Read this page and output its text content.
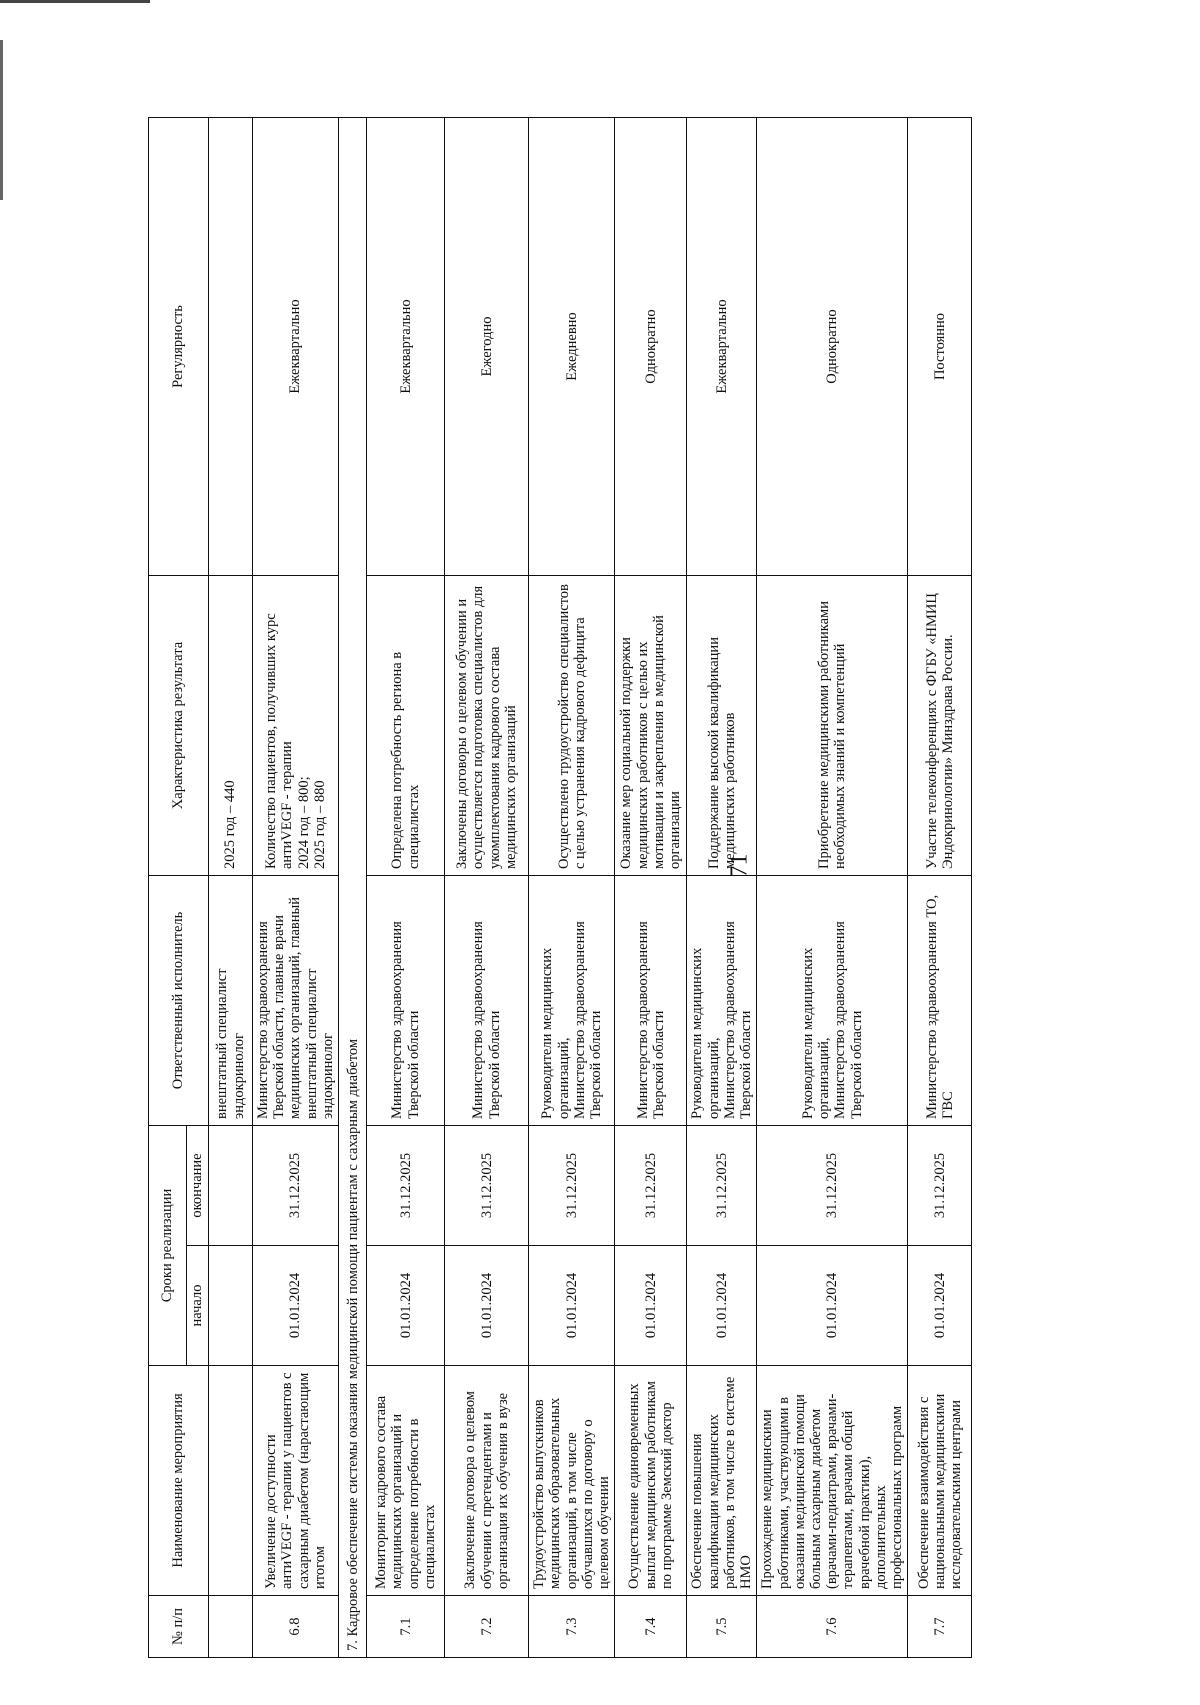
71
№ п/п	Наименование мероприятия	Сроки реализации		Ответственный исполнитель	Характеристика результата	Регулярность
		начало	окончание			
				внештатный специалист эндокринолог	2025 год – 440	
6.8	Увеличение доступности антиVEGF - терапии у пациентов с сахарным диабетом (нарастающим итогом	01.01.2024	31.12.2025	Министерство здравоохранения Тверской области, главные врачи медицинских организаций, главный внештатный специалист эндокринолог	Количество пациентов, получивших курс антиVEGF - терапии
2024 год – 800;
2025 год – 880	Ежеквартально
7. Кадровое обеспечение системы оказания медицинской помощи пациентам с сахарным диабетом						
7.1	Мониторинг кадрового состава медицинских организаций и определение потребности в специалистах	01.01.2024	31.12.2025	Министерство здравоохранения Тверской области	Определена потребность региона в специалистах	Ежеквартально
7.2	Заключение договора о целевом обучении с претендентами и организация их обучения в вузе	01.01.2024	31.12.2025	Министерство здравоохранения Тверской области	Заключены договоры о целевом обучении и осуществляется подготовка специалистов для укомплектования кадрового состава медицинских организаций	Ежегодно
7.3	Трудоустройство выпускников медицинских образовательных организаций, в том числе обучавшихся по договору о целевом обучении	01.01.2024	31.12.2025	Руководители медицинских организаций,
Министерство здравоохранения Тверской области	Осуществлено трудоустройство специалистов с целью устранения кадрового дефицита	Ежедневно
7.4	Осуществление единовременных выплат медицинским работникам по программе Земский доктор	01.01.2024	31.12.2025	Министерство здравоохранения Тверской области	Оказание мер социальной поддержки медицинских работников с целью их мотивации и закрепления в медицинской организации	Однократно
7.5	Обеспечение повышения квалификации медицинских работников, в том числе в системе НМО	01.01.2024	31.12.2025	Руководители медицинских организаций,
Министерство здравоохранения Тверской области	Поддержание высокой квалификации медицинских работников	Ежеквартально
7.6	Прохождение медицинскими работниками, участвующими в оказании медицинской помощи больным сахарным диабетом (врачами-педиатрами, врачами-терапевтами, врачами общей врачебной практики), дополнительных профессиональных программ	01.01.2024	31.12.2025	Руководители медицинских организаций,
Министерство здравоохранения Тверской области	Приобретение медицинскими работниками необходимых знаний и компетенций	Однократно
7.7	Обеспечение взаимодействия с национальными медицинскими исследовательскими центрами	01.01.2024	31.12.2025	Министерство здравоохранения ТО, ГВС	Участие телеконференциях с ФГБУ «НМИЦ Эндокринологии» Минздрава России.	Постоянно
